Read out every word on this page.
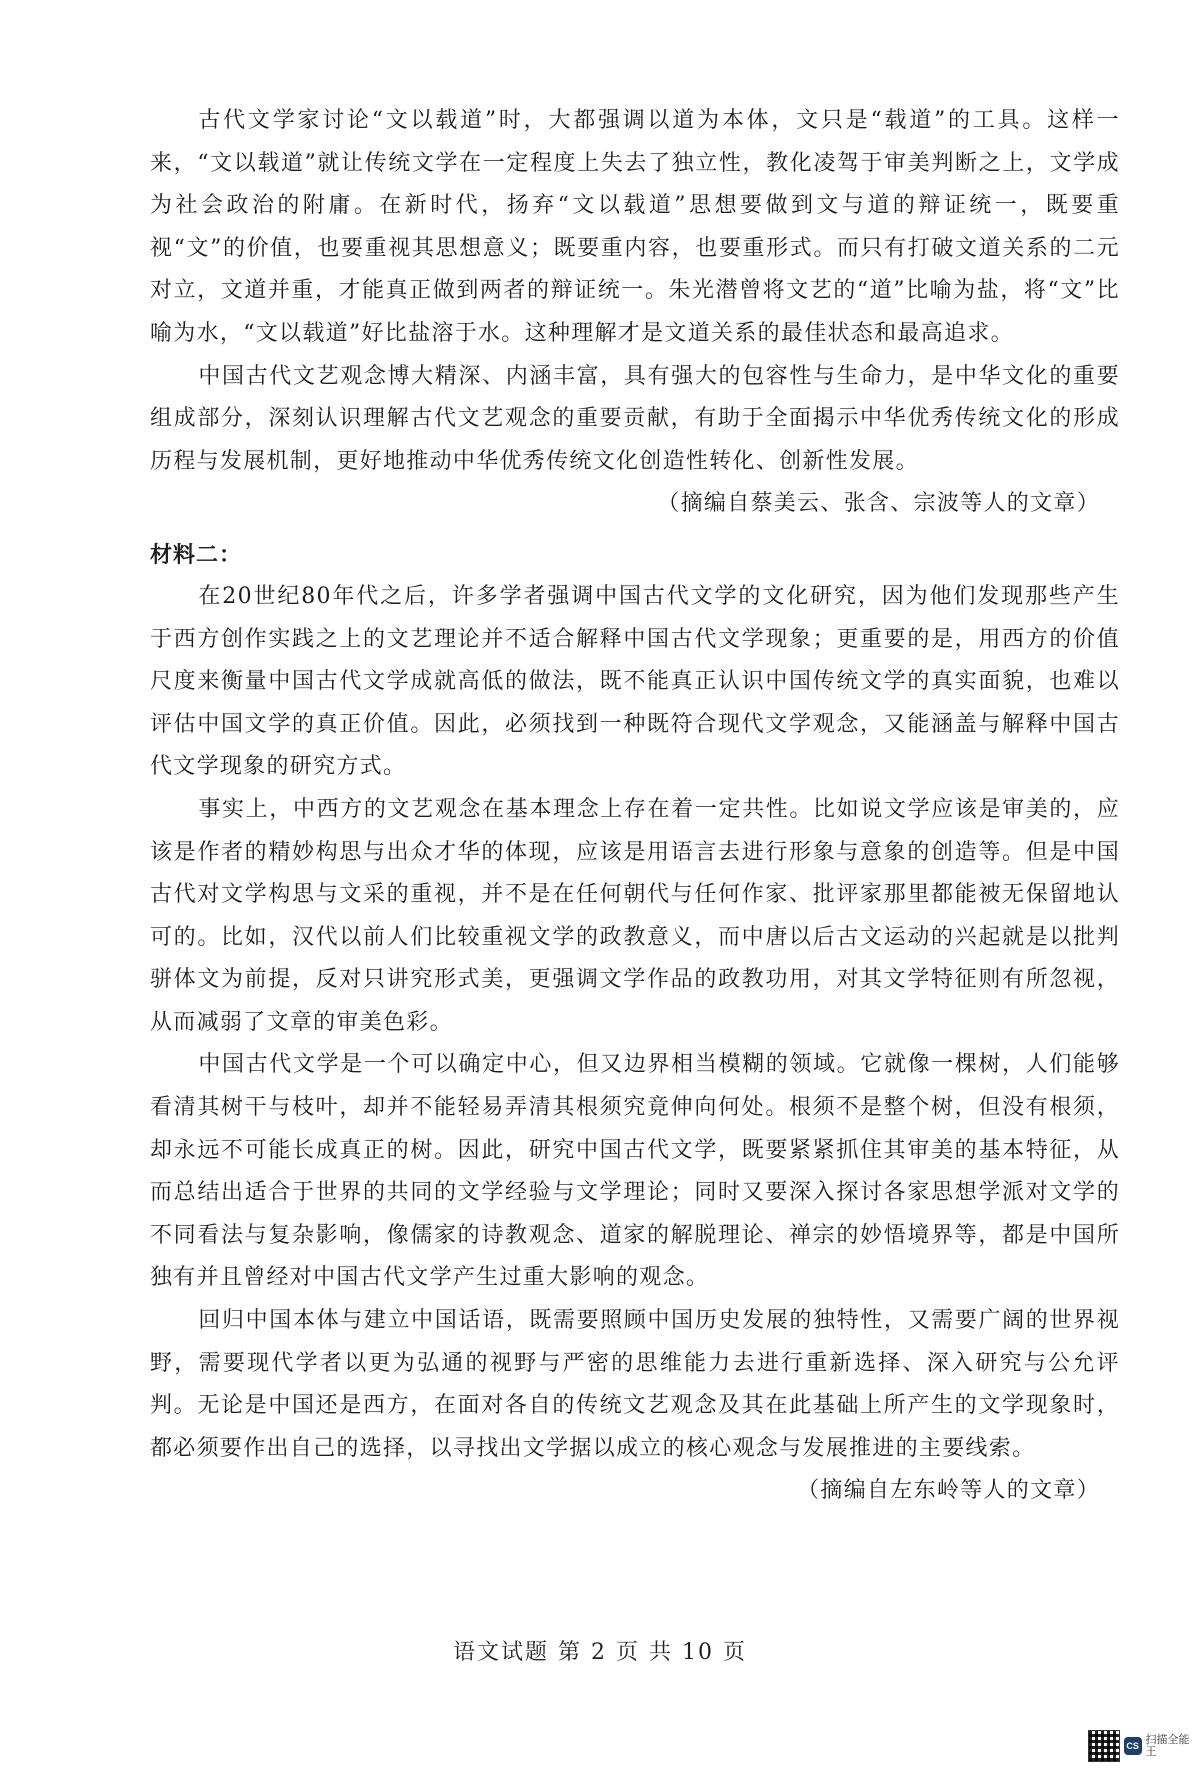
古代文学家讨论“文以载道”时，大都强调以道为本体，文只是“载道”的工具。这样一来，“文以载道”就让传统文学在一定程度上失去了独立性，教化凌驾于审美判断之上，文学成为社会政治的附庸。在新时代，扬弃“文以载道”思想要做到文与道的辩证统一，既要重视“文”的价值，也要重视其思想意义；既要重内容，也要重形式。而只有打破文道关系的二元对立，文道并重，才能真正做到两者的辩证统一。朱光潜曾将文艺的“道”比喻为盐，将“文”比喻为水，“文以载道”好比盐溶于水。这种理解才是文道关系的最佳状态和最高追求。

中国古代文艺观念博大精深、内涵丰富，具有强大的包容性与生命力，是中华文化的重要组成部分，深刻认识理解古代文艺观念的重要贡献，有助于全面揭示中华优秀传统文化的形成历程与发展机制，更好地推动中华优秀传统文化创造性转化、创新性发展。

（摘编自蔡美云、张含、宗波等人的文章）

材料二：

在20世纪80年代之后，许多学者强调中国古代文学的文化研究，因为他们发现那些产生于西方创作实践之上的文艺理论并不适合解释中国古代文学现象；更重要的是，用西方的价值尺度来衡量中国古代文学成就高低的做法，既不能真正认识中国传统文学的真实面貌，也难以评估中国文学的真正价值。因此，必须找到一种既符合现代文学观念，又能涵盖与解释中国古代文学现象的研究方式。

事实上，中西方的文艺观念在基本理念上存在着一定共性。比如说文学应该是审美的，应该是作者的精妙构思与出众才华的体现，应该是用语言去进行形象与意象的创造等。但是中国古代对文学构思与文采的重视，并不是在任何朝代与任何作家、批评家那里都能被无保留地认可的。比如，汉代以前人们比较重视文学的政教意义，而中唐以后古文运动的兴起就是以批判骈体文为前提，反对只讲究形式美，更强调文学作品的政教功用，对其文学特征则有所忽视，从而减弱了文章的审美色彩。

中国古代文学是一个可以确定中心，但又边界相当模糊的领域。它就像一棵树，人们能够看清其树干与枝叶，却并不能轻易弄清其根须究竟伸向何处。根须不是整个树，但没有根须，却永远不可能长成真正的树。因此，研究中国古代文学，既要紧紧抓住其审美的基本特征，从而总结出适合于世界的共同的文学经验与文学理论；同时又要深入探讨各家思想学派对文学的不同看法与复杂影响，像儒家的诗教观念、道家的解脱理论、禅宗的妙悟境界等，都是中国所独有并且曾经对中国古代文学产生过重大影响的观念。

回归中国本体与建立中国话语，既需要照顾中国历史发展的独特性，又需要广阔的世界视野，需要现代学者以更为弘通的视野与严密的思维能力去进行重新选择、深入研究与公允评判。无论是中国还是西方，在面对各自的传统文艺观念及其在此基础上所产生的文学现象时，都必须要作出自己的选择，以寻找出文学据以成立的核心观念与发展推进的主要线索。

（摘编自左东岭等人的文章）

语文试题 第 2 页 共 10 页
CS
扫描全能王
